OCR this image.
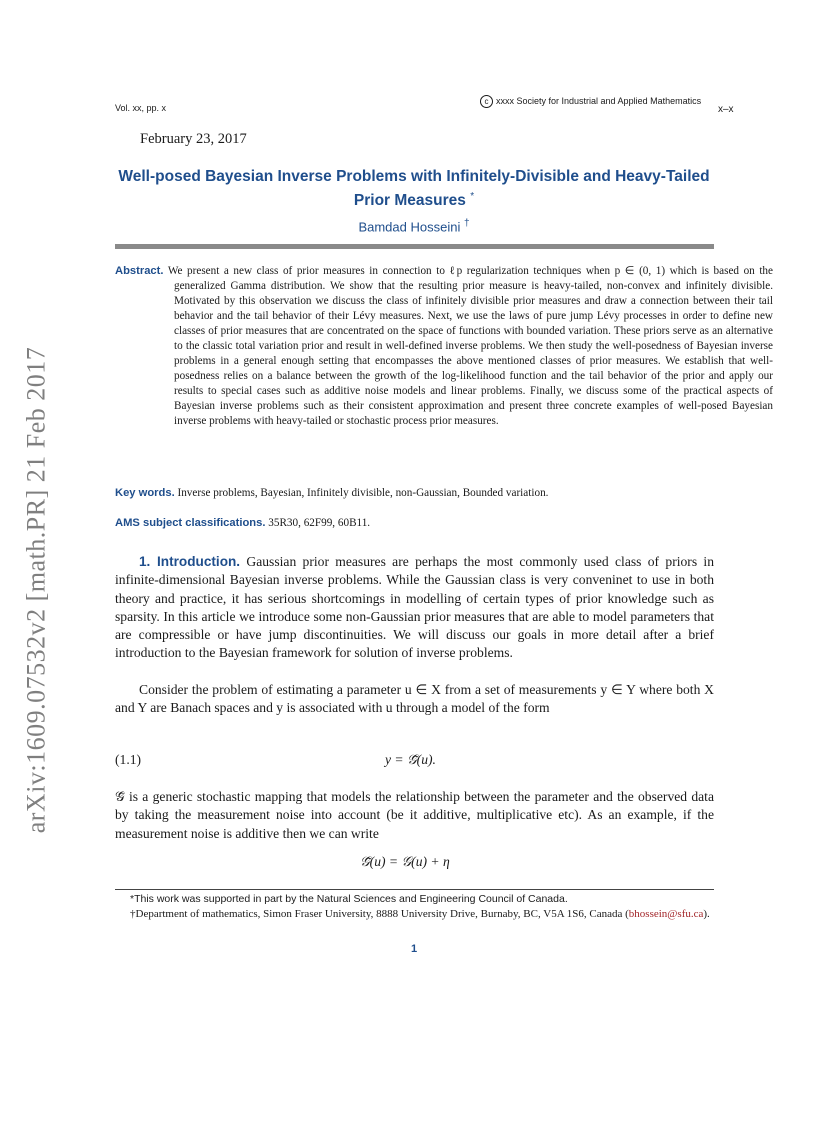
arXiv:1609.07532v2 [math.PR] 21 Feb 2017
Vol. xx, pp. x
c xxxx Society for Industrial and Applied Mathematics
x–x
February 23, 2017
Well-posed Bayesian Inverse Problems with Infinitely-Divisible and Heavy-Tailed Prior Measures *
Bamdad Hosseini †
Abstract. We present a new class of prior measures in connection to ℓp regularization techniques when p ∈ (0, 1) which is based on the generalized Gamma distribution. We show that the resulting prior measure is heavy-tailed, non-convex and infinitely divisible. Motivated by this observation we discuss the class of infinitely divisible prior measures and draw a connection between their tail behavior and the tail behavior of their Lévy measures. Next, we use the laws of pure jump Lévy processes in order to define new classes of prior measures that are concentrated on the space of functions with bounded variation. These priors serve as an alternative to the classic total variation prior and result in well-defined inverse problems. We then study the well-posedness of Bayesian inverse problems in a general enough setting that encompasses the above mentioned classes of prior measures. We establish that well-posedness relies on a balance between the growth of the log-likelihood function and the tail behavior of the prior and apply our results to special cases such as additive noise models and linear problems. Finally, we discuss some of the practical aspects of Bayesian inverse problems such as their consistent approximation and present three concrete examples of well-posed Bayesian inverse problems with heavy-tailed or stochastic process prior measures.
Key words. Inverse problems, Bayesian, Infinitely divisible, non-Gaussian, Bounded variation.
AMS subject classifications. 35R30, 62F99, 60B11.
1. Introduction. Gaussian prior measures are perhaps the most commonly used class of priors in infinite-dimensional Bayesian inverse problems. While the Gaussian class is very conveninet to use in both theory and practice, it has serious shortcomings in modelling of certain types of prior knowledge such as sparsity. In this article we introduce some non-Gaussian prior measures that are able to model parameters that are compressible or have jump discontinuities. We will discuss our goals in more detail after a brief introduction to the Bayesian framework for solution of inverse problems.
Consider the problem of estimating a parameter u ∈ X from a set of measurements y ∈ Y where both X and Y are Banach spaces and y is associated with u through a model of the form
(1.1)	y = 𝒢̃(u).
𝒢̃ is a generic stochastic mapping that models the relationship between the parameter and the observed data by taking the measurement noise into account (be it additive, multiplicative etc). As an example, if the measurement noise is additive then we can write
𝒢̃(u) = 𝒢(u) + η
*This work was supported in part by the Natural Sciences and Engineering Council of Canada.
†Department of mathematics, Simon Fraser University, 8888 University Drive, Burnaby, BC, V5A 1S6, Canada (bhossein@sfu.ca).
1
